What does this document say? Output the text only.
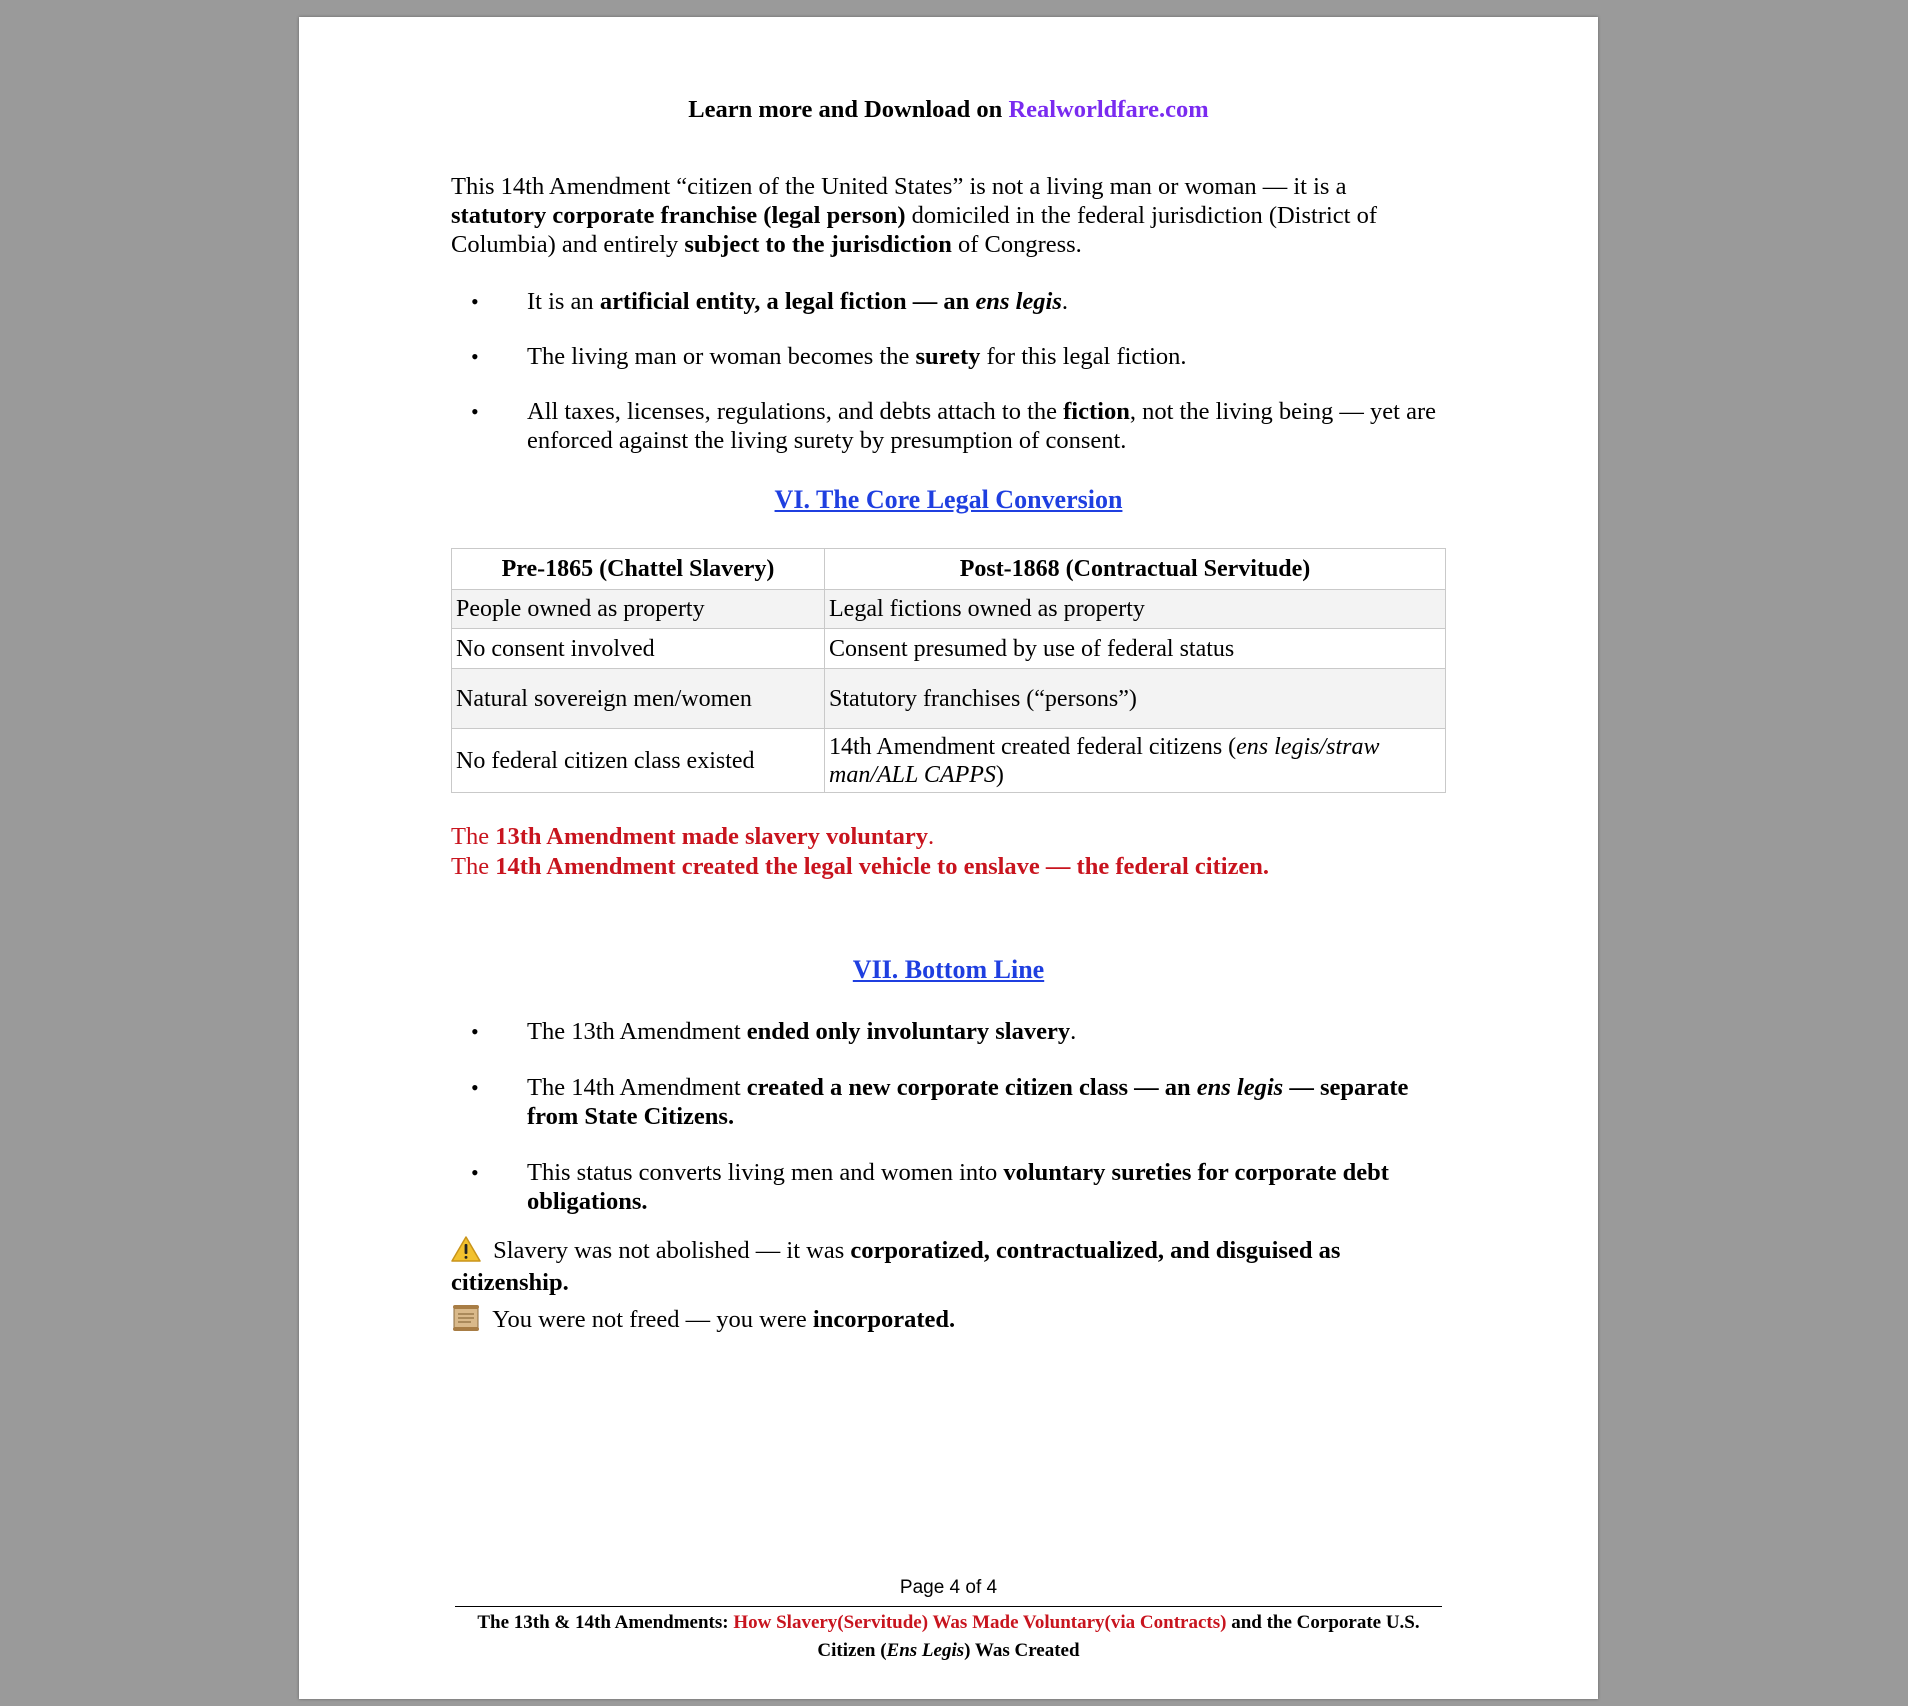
Learn more and Download on Realworldfare.com

This 14th Amendment “citizen of the United States” is not a living man or woman — it is a statutory corporate franchise (legal person) domiciled in the federal jurisdiction (District of Columbia) and entirely subject to the jurisdiction of Congress.

• It is an artificial entity, a legal fiction — an ens legis.
• The living man or woman becomes the surety for this legal fiction.
• All taxes, licenses, regulations, and debts attach to the fiction, not the living being — yet are enforced against the living surety by presumption of consent.
VI. The Core Legal Conversion
Pre-1865 (Chattel Slavery)	Post-1868 (Contractual Servitude)
People owned as property	Legal fictions owned as property
No consent involved	Consent presumed by use of federal status
Natural sovereign men/women	Statutory franchises (“persons”)
No federal citizen class existed	14th Amendment created federal citizens (ens legis/straw man/ALL CAPPS)
The 13th Amendment made slavery voluntary.
The 14th Amendment created the legal vehicle to enslave — the federal citizen.
VII. Bottom Line
• The 13th Amendment ended only involuntary slavery.
• The 14th Amendment created a new corporate citizen class — an ens legis — separate from State Citizens.
• This status converts living men and women into voluntary sureties for corporate debt obligations.
Slavery was not abolished — it was corporatized, contractualized, and disguised as citizenship.
You were not freed — you were incorporated.
Page 4 of 4
The 13th & 14th Amendments: How Slavery(Servitude) Was Made Voluntary(via Contracts) and the Corporate U.S. Citizen (Ens Legis) Was Created
